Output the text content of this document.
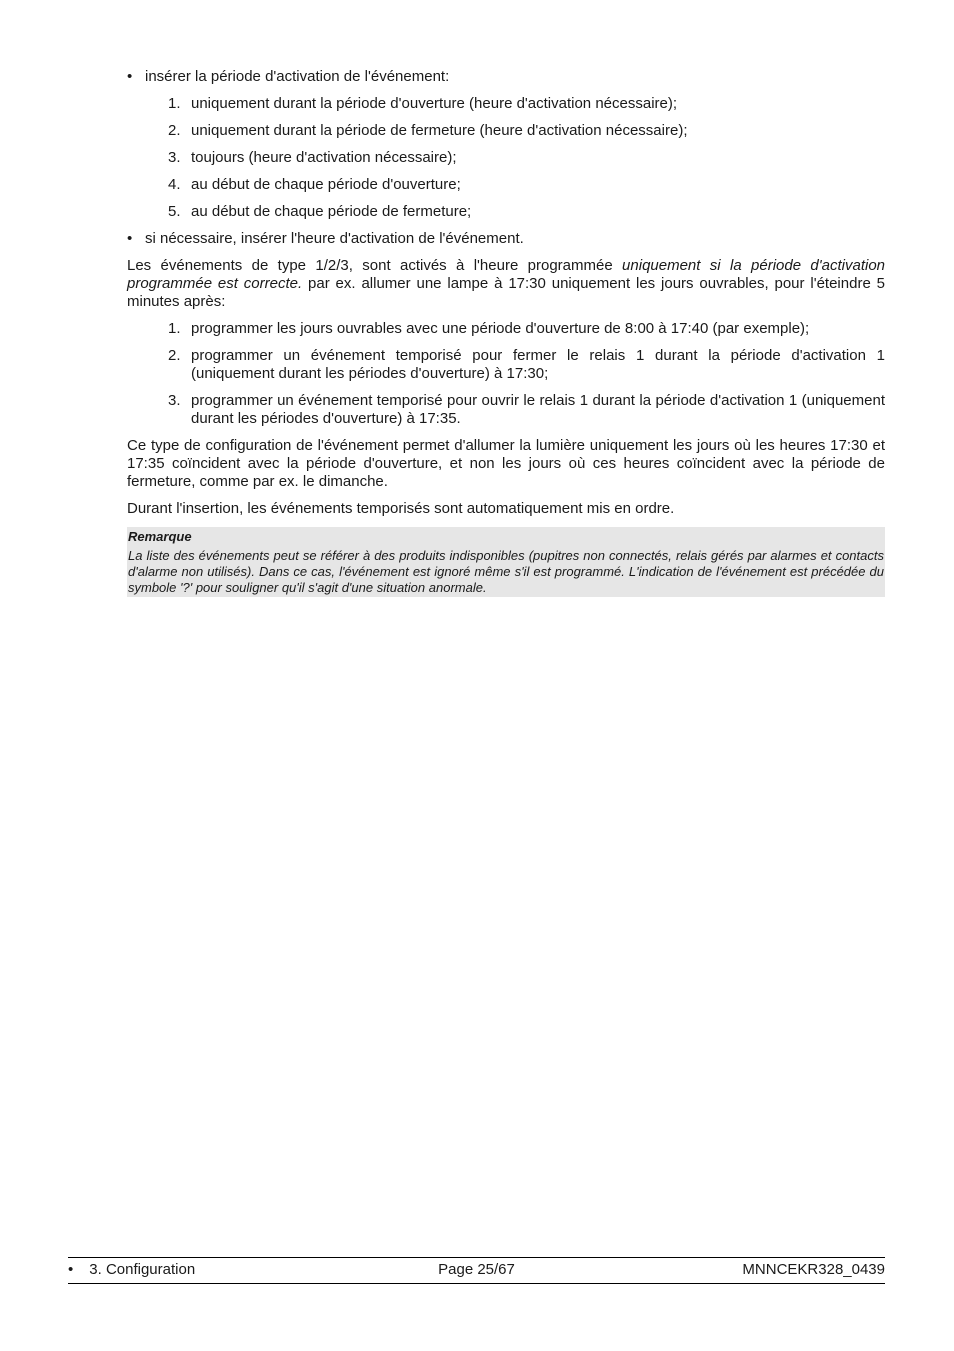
• insérer la période d'activation de l'événement:
1. uniquement durant la période d'ouverture (heure d'activation nécessaire);
2. uniquement durant la période de fermeture (heure d'activation nécessaire);
3. toujours (heure d'activation nécessaire);
4. au début de chaque période d'ouverture;
5. au début de chaque période de fermeture;
• si nécessaire, insérer l'heure d'activation de l'événement.

Les événements de type 1/2/3, sont activés à l'heure programmée uniquement si la période d'activation programmée est correcte. par ex. allumer une lampe à 17:30 uniquement les jours ouvrables, pour l'éteindre 5 minutes après:

1. programmer les jours ouvrables avec une période d'ouverture de 8:00 à 17:40 (par exemple);
2. programmer un événement temporisé pour fermer le relais 1 durant la période d'activation 1 (uniquement durant les périodes d'ouverture) à 17:30;
3. programmer un événement temporisé pour ouvrir le relais 1 durant la période d'activation 1 (uniquement durant les périodes d'ouverture) à 17:35.

Ce type de configuration de l'événement permet d'allumer la lumière uniquement les jours où les heures 17:30 et 17:35 coïncident avec la période d'ouverture, et non les jours où ces heures coïncident avec la période de fermeture, comme par ex. le dimanche.

Durant l'insertion, les événements temporisés sont automatiquement mis en ordre.

Remarque
La liste des événements peut se référer à des produits indisponibles (pupitres non connectés, relais gérés par alarmes et contacts d'alarme non utilisés). Dans ce cas, l'événement est ignoré même s'il est programmé. L'indication de l'événement est précédée du symbole '?' pour souligner qu'il s'agit d'une situation anormale.
• 3. Configuration	Page 25/67	MNNCEKR328_0439
